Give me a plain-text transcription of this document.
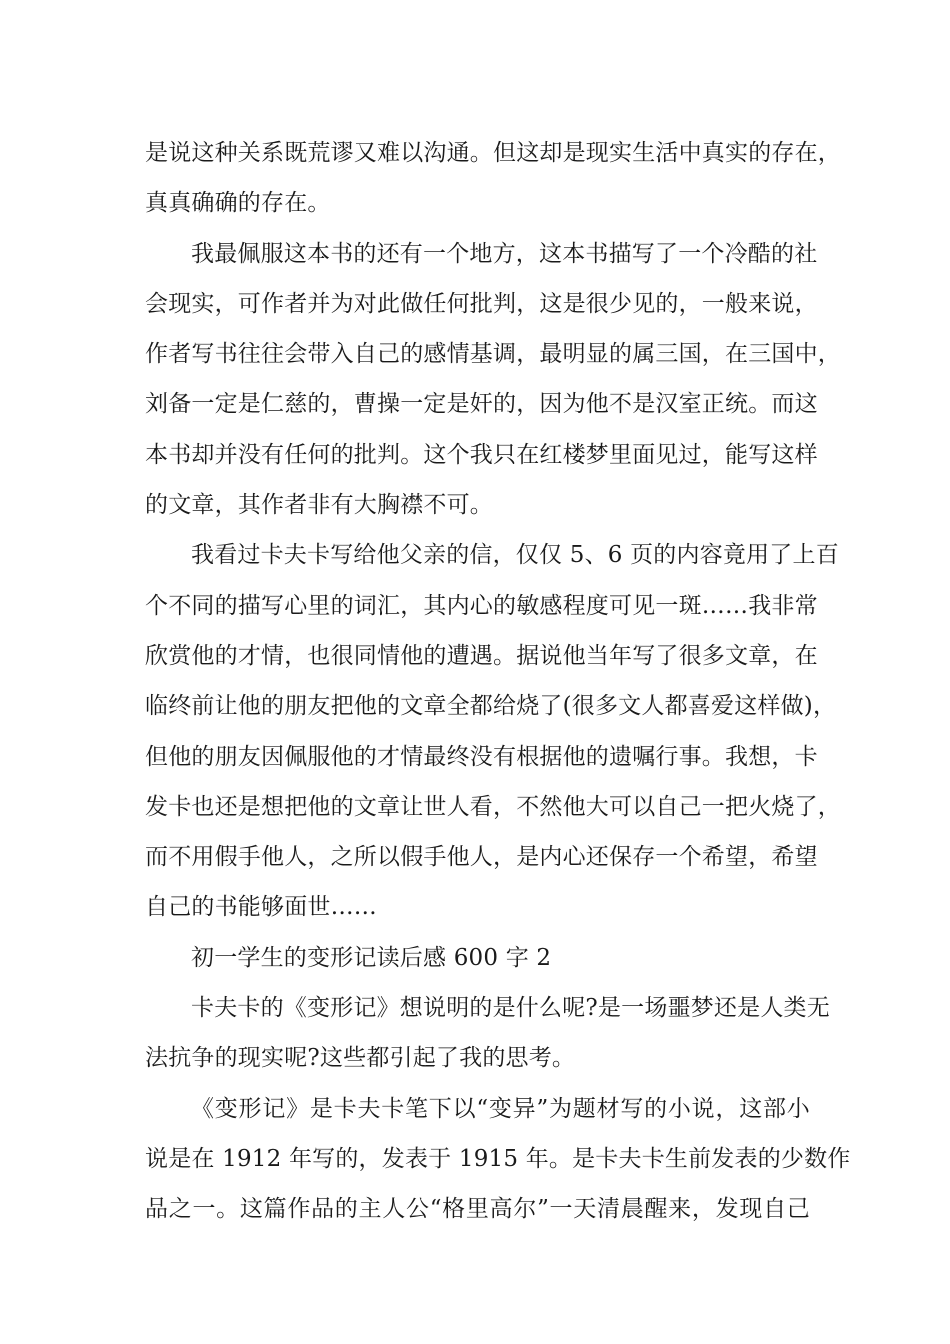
是说这种关系既荒谬又难以沟通。但这却是现实生活中真实的存在，
真真确确的存在。
我最佩服这本书的还有一个地方，这本书描写了一个冷酷的社
会现实，可作者并为对此做任何批判，这是很少见的，一般来说，
作者写书往往会带入自己的感情基调，最明显的属三国，在三国中，
刘备一定是仁慈的，曹操一定是奸的，因为他不是汉室正统。而这
本书却并没有任何的批判。这个我只在红楼梦里面见过，能写这样
的文章，其作者非有大胸襟不可。
我看过卡夫卡写给他父亲的信，仅仅 5、6 页的内容竟用了上百
个不同的描写心里的词汇，其内心的敏感程度可见一斑……我非常
欣赏他的才情，也很同情他的遭遇。据说他当年写了很多文章，在
临终前让他的朋友把他的文章全都给烧了(很多文人都喜爱这样做)，
但他的朋友因佩服他的才情最终没有根据他的遗嘱行事。我想，卡
发卡也还是想把他的文章让世人看，不然他大可以自己一把火烧了，
而不用假手他人，之所以假手他人，是内心还保存一个希望，希望
自己的书能够面世……
初一学生的变形记读后感 600 字 2
卡夫卡的《变形记》想说明的是什么呢?是一场噩梦还是人类无
法抗争的现实呢?这些都引起了我的思考。
《变形记》是卡夫卡笔下以“变异”为题材写的小说，这部小
说是在 1912 年写的，发表于 1915 年。是卡夫卡生前发表的少数作
品之一。这篇作品的主人公“格里高尔”一天清晨醒来，发现自己
